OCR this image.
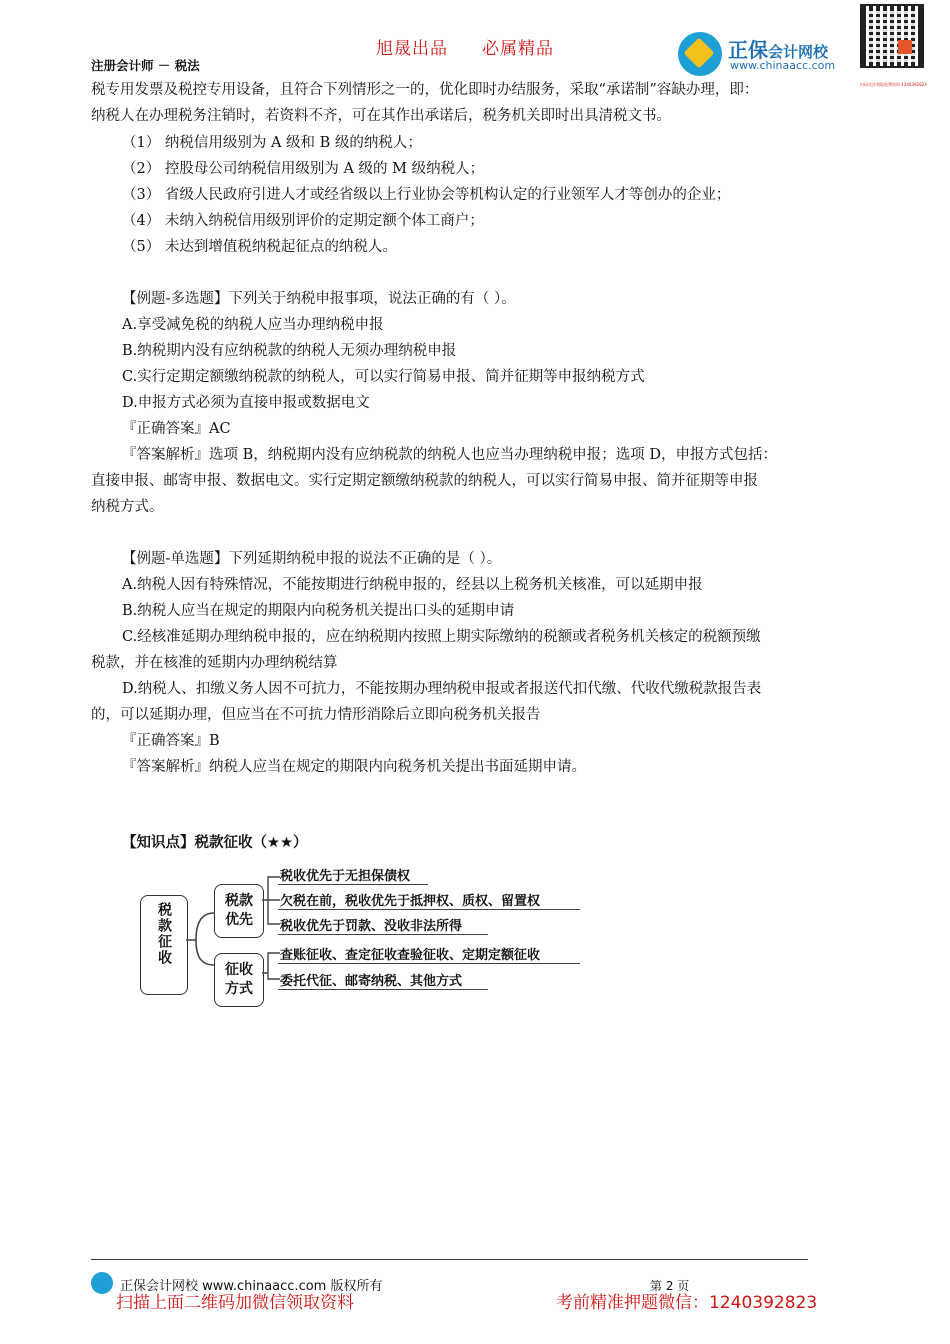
旭晟出品 必属精品
注册会计师 － 税法
正保会计网校
www.chinaacc.com
扫码关注领取免费资料 1240392823
税专用发票及税控专用设备，且符合下列情形之一的，优化即时办结服务，采取“承诺制”容缺办理，即：
纳税人在办理税务注销时，若资料不齐，可在其作出承诺后，税务机关即时出具清税文书。
（1） 纳税信用级别为 A 级和 B 级的纳税人；
（2） 控股母公司纳税信用级别为 A 级的 M 级纳税人；
（3） 省级人民政府引进人才或经省级以上行业协会等机构认定的行业领军人才等创办的企业；
（4） 未纳入纳税信用级别评价的定期定额个体工商户；
（5） 未达到增值税纳税起征点的纳税人。
【例题-多选题】下列关于纳税申报事项，说法正确的有（ ）。
A.享受减免税的纳税人应当办理纳税申报
B.纳税期内没有应纳税款的纳税人无须办理纳税申报
C.实行定期定额缴纳税款的纳税人，可以实行简易申报、简并征期等申报纳税方式
D.申报方式必须为直接申报或数据电文
『正确答案』AC
『答案解析』选项 B，纳税期内没有应纳税款的纳税人也应当办理纳税申报；选项 D，申报方式包括：
直接申报、邮寄申报、数据电文。实行定期定额缴纳税款的纳税人，可以实行简易申报、简并征期等申报
纳税方式。
【例题-单选题】下列延期纳税申报的说法不正确的是（ ）。
A.纳税人因有特殊情况，不能按期进行纳税申报的，经县以上税务机关核准，可以延期申报
B.纳税人应当在规定的期限内向税务机关提出口头的延期申请
C.经核准延期办理纳税申报的，应在纳税期内按照上期实际缴纳的税额或者税务机关核定的税额预缴
税款，并在核准的延期内办理纳税结算
D.纳税人、扣缴义务人因不可抗力，不能按期办理纳税申报或者报送代扣代缴、代收代缴税款报告表
的，可以延期办理，但应当在不可抗力情形消除后立即向税务机关报告
『正确答案』B
『答案解析』纳税人应当在规定的期限内向税务机关提出书面延期申请。
【知识点】税款征收（★★）
税款征收
税款优先
税收优先于无担保债权
欠税在前，税收优先于抵押权、质权、留置权
税收优先于罚款、没收非法所得
征收方式
查账征收、查定征收查验征收、定期定额征收
委托代征、邮寄纳税、其他方式
正保会计网校 www.chinaacc.com 版权所有	第 2 页
扫描上面二维码加微信领取资料	考前精准押题微信：1240392823
